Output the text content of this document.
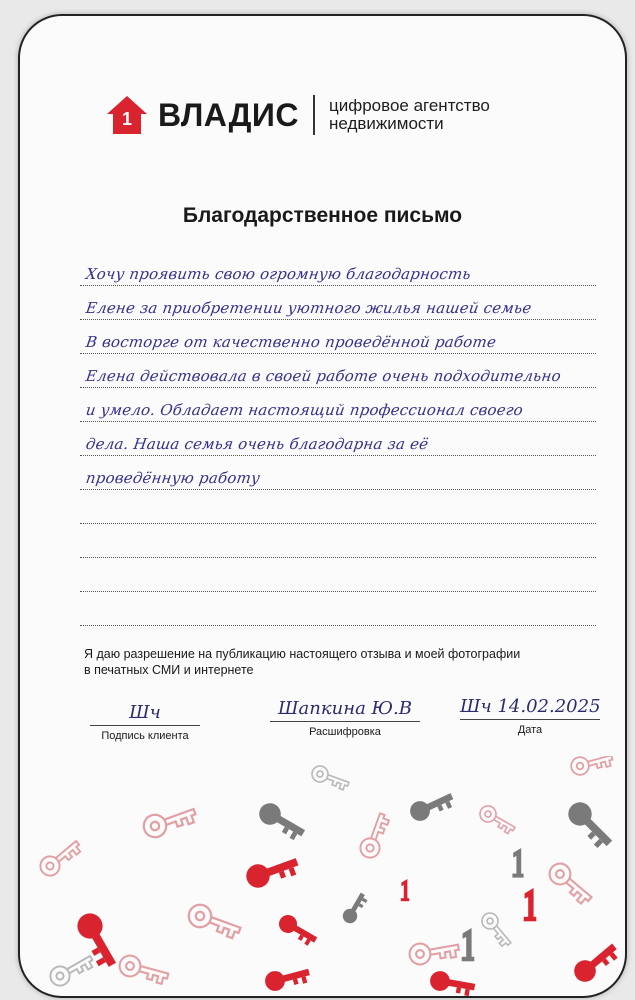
1 ВЛАДИС цифровое агентство
недвижимости
Благодарственное письмо
Хочу проявить свою огромную благодарность
Елене за приобретении уютного жилья нашей семье
В восторге от качественно проведённой работе
Елена действовала в своей работе очень подходительно
и умело. Обладает настоящий профессионал своего
дела. Наша семья очень благодарна за её
проведённую работу
Я даю разрешение на публикацию настоящего отзыва и моей фотографии
в печатных СМИ и интернете
Шч
Подпись клиента
Шапкина Ю.В
Расшифровка
Шч 14.02.2025
Дата
